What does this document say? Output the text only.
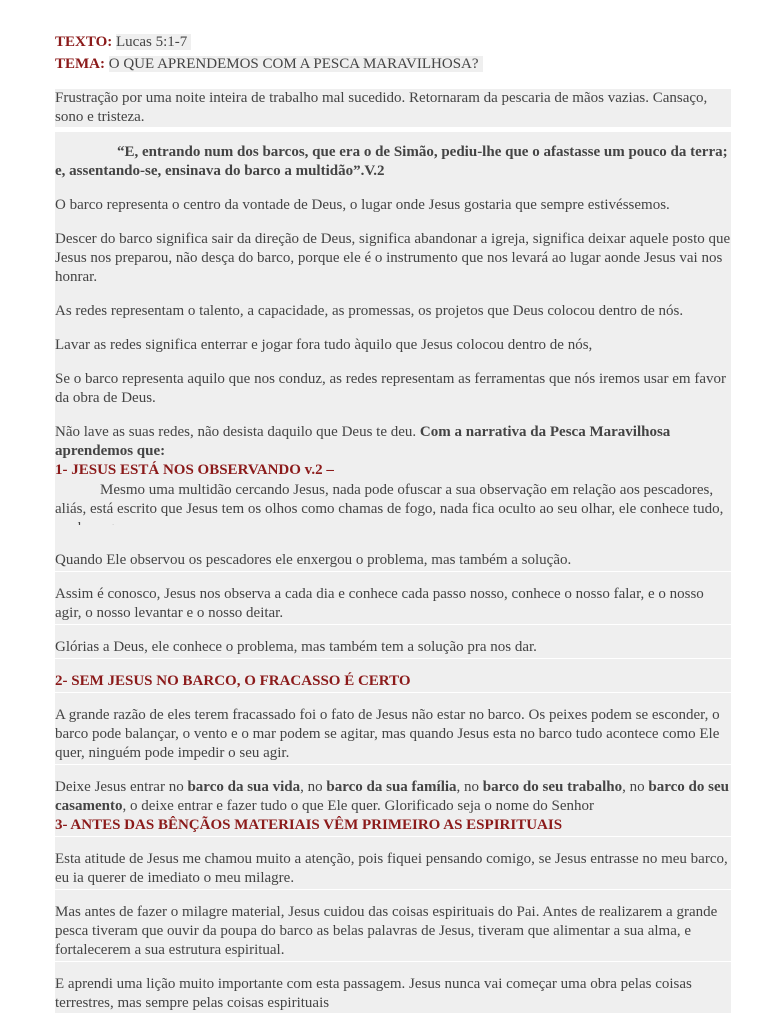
TEXTO: Lucas 5:1-7
TEMA: O QUE APRENDEMOS COM A PESCA MARAVILHOSA?

Frustração por uma noite inteira de trabalho mal sucedido. Retornaram da pescaria de mãos vazias. Cansaço, sono e tristeza.

“E, entrando num dos barcos, que era o de Simão, pediu-lhe que o afastasse um pouco da terra; e, assentando-se, ensinava do barco a multidão”.V.2

O barco representa o centro da vontade de Deus, o lugar onde Jesus gostaria que sempre estivéssemos.

Descer do barco significa sair da direção de Deus, significa abandonar a igreja, significa deixar aquele posto que Jesus nos preparou, não desça do barco, porque ele é o instrumento que nos levará ao lugar aonde Jesus vai nos honrar.

As redes representam o talento, a capacidade, as promessas, os projetos que Deus colocou dentro de nós.

Lavar as redes significa enterrar e jogar fora tudo àquilo que Jesus colocou dentro de nós,

Se o barco representa aquilo que nos conduz, as redes representam as ferramentas que nós iremos usar em favor da obra de Deus.

Não lave as suas redes, não desista daquilo que Deus te deu. Com a narrativa da Pesca Maravilhosa aprendemos que:

1- JESUS ESTÁ NOS OBSERVANDO v.2 –

Mesmo uma multidão cercando Jesus, nada pode ofuscar a sua observação em relação aos pescadores, aliás, está escrito que Jesus tem os olhos como chamas de fogo, nada fica oculto ao seu olhar, ele conhece tudo,

Quando Ele observou os pescadores ele enxergou o problema, mas também a solução.

Assim é conosco, Jesus nos observa a cada dia e conhece cada passo nosso, conhece o nosso falar, e o nosso agir, o nosso levantar e o nosso deitar.

Glórias a Deus, ele conhece o problema, mas também tem a solução pra nos dar.

2- SEM JESUS NO BARCO, O FRACASSO É CERTO

A grande razão de eles terem fracassado foi o fato de Jesus não estar no barco. Os peixes podem se esconder, o barco pode balançar, o vento e o mar podem se agitar, mas quando Jesus esta no barco tudo acontece como Ele quer, ninguém pode impedir o seu agir.

Deixe Jesus entrar no barco da sua vida, no barco da sua família, no barco do seu trabalho, no barco do seu casamento, o deixe entrar e fazer tudo o que Ele quer. Glorificado seja o nome do Senhor

3- ANTES DAS BÊNÇÃOS MATERIAIS VÊM PRIMEIRO AS ESPIRITUAIS

Esta atitude de Jesus me chamou muito a atenção, pois fiquei pensando comigo, se Jesus entrasse no meu barco, eu ia querer de imediato o meu milagre.

Mas antes de fazer o milagre material, Jesus cuidou das coisas espirituais do Pai. Antes de realizarem a grande pesca tiveram que ouvir da poupa do barco as belas palavras de Jesus, tiveram que alimentar a sua alma, e fortalecerem a sua estrutura espiritual.

E aprendi uma lição muito importante com esta passagem. Jesus nunca vai começar uma obra pelas coisas terrestres, mas sempre pelas coisas espirituais
